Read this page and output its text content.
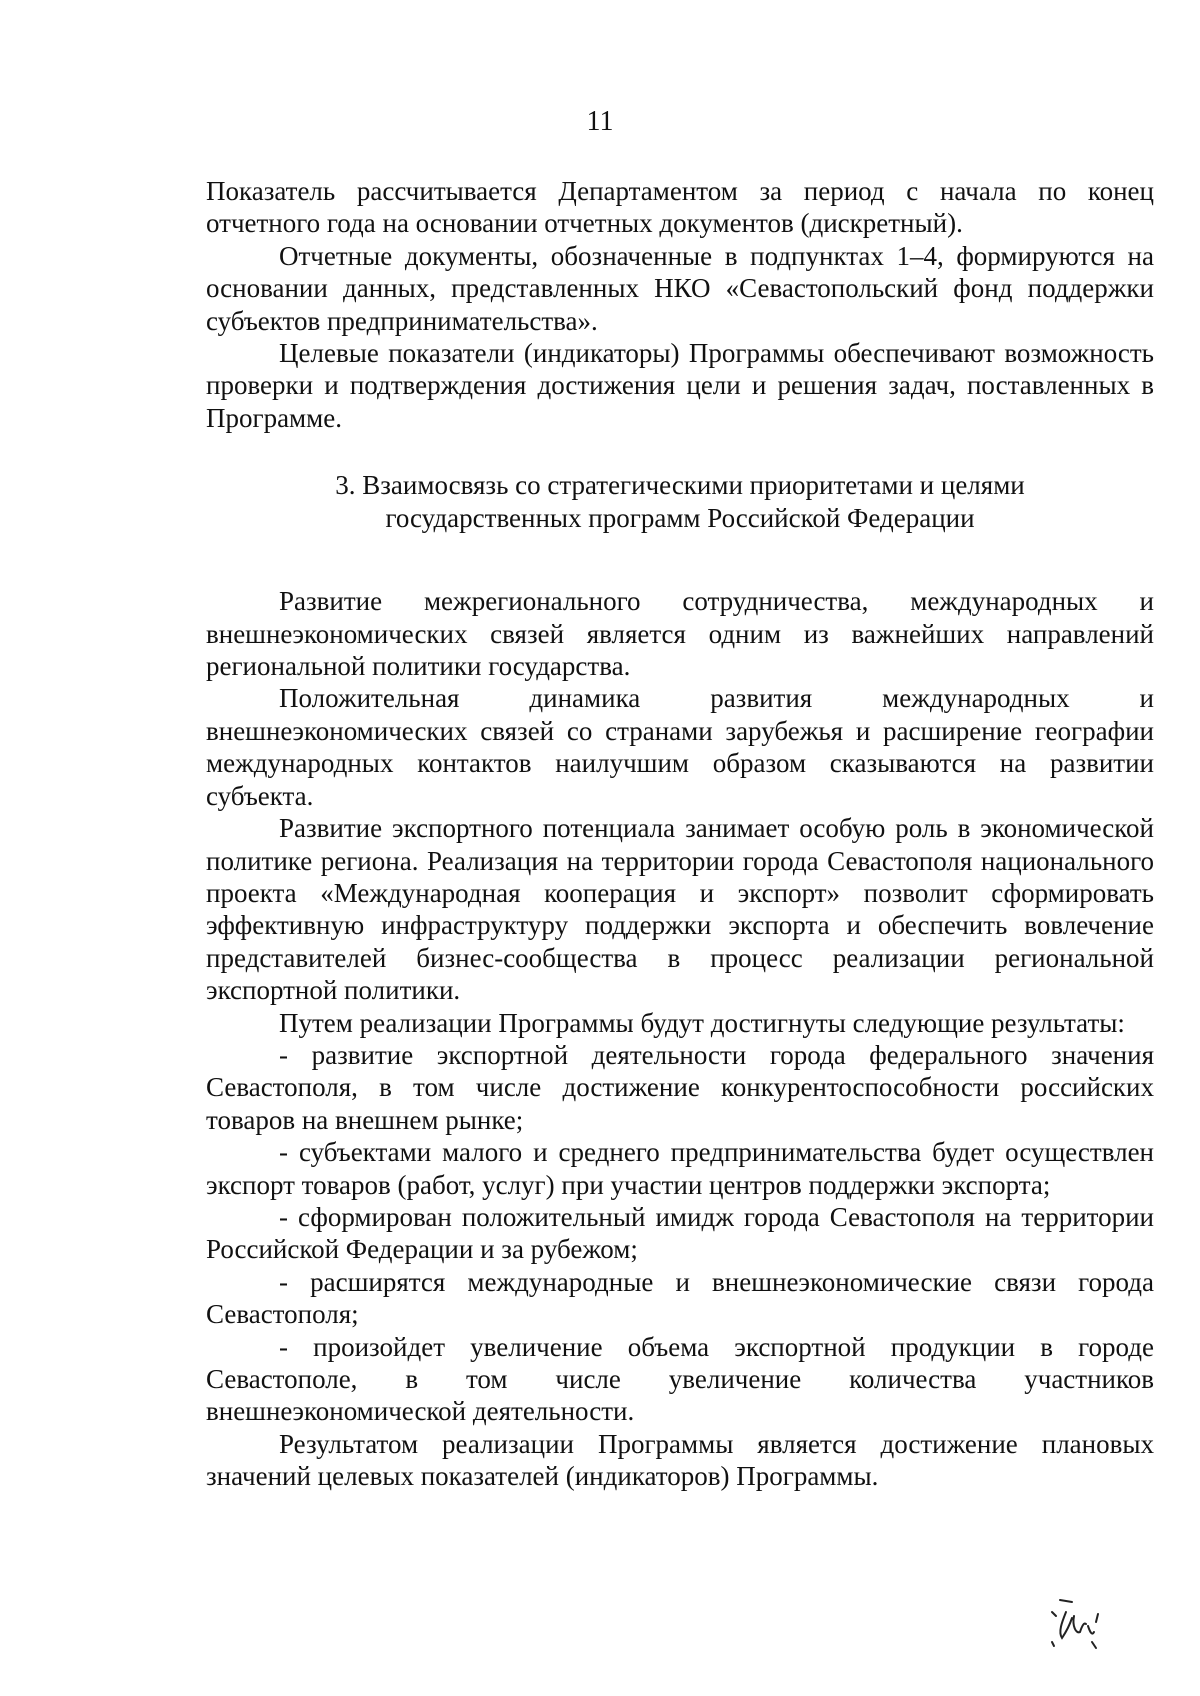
11

Показатель рассчитывается Департаментом за период с начала по конец отчетного года на основании отчетных документов (дискретный).

Отчетные документы, обозначенные в подпунктах 1–4, формируются на основании данных, представленных НКО «Севастопольский фонд поддержки субъектов предпринимательства».

Целевые показатели (индикаторы) Программы обеспечивают возможность проверки и подтверждения достижения цели и решения задач, поставленных в Программе.

3. Взаимосвязь со стратегическими приоритетами и целями
государственных программ Российской Федерации

Развитие межрегионального сотрудничества, международных и внешнеэкономических связей является одним из важнейших направлений региональной политики государства.

Положительная динамика развития международных и внешнеэкономических связей со странами зарубежья и расширение географии международных контактов наилучшим образом сказываются на развитии субъекта.

Развитие экспортного потенциала занимает особую роль в экономической политике региона. Реализация на территории города Севастополя национального проекта «Международная кооперация и экспорт» позволит сформировать эффективную инфраструктуру поддержки экспорта и обеспечить вовлечение представителей бизнес-сообщества в процесс реализации региональной экспортной политики.

Путем реализации Программы будут достигнуты следующие результаты:

- развитие экспортной деятельности города федерального значения Севастополя, в том числе достижение конкурентоспособности российских товаров на внешнем рынке;

- субъектами малого и среднего предпринимательства будет осуществлен экспорт товаров (работ, услуг) при участии центров поддержки экспорта;

- сформирован положительный имидж города Севастополя на территории Российской Федерации и за рубежом;

- расширятся международные и внешнеэкономические связи города Севастополя;

- произойдет увеличение объема экспортной продукции в городе Севастополе, в том числе увеличение количества участников внешнеэкономической деятельности.

Результатом реализации Программы является достижение плановых значений целевых показателей (индикаторов) Программы.
